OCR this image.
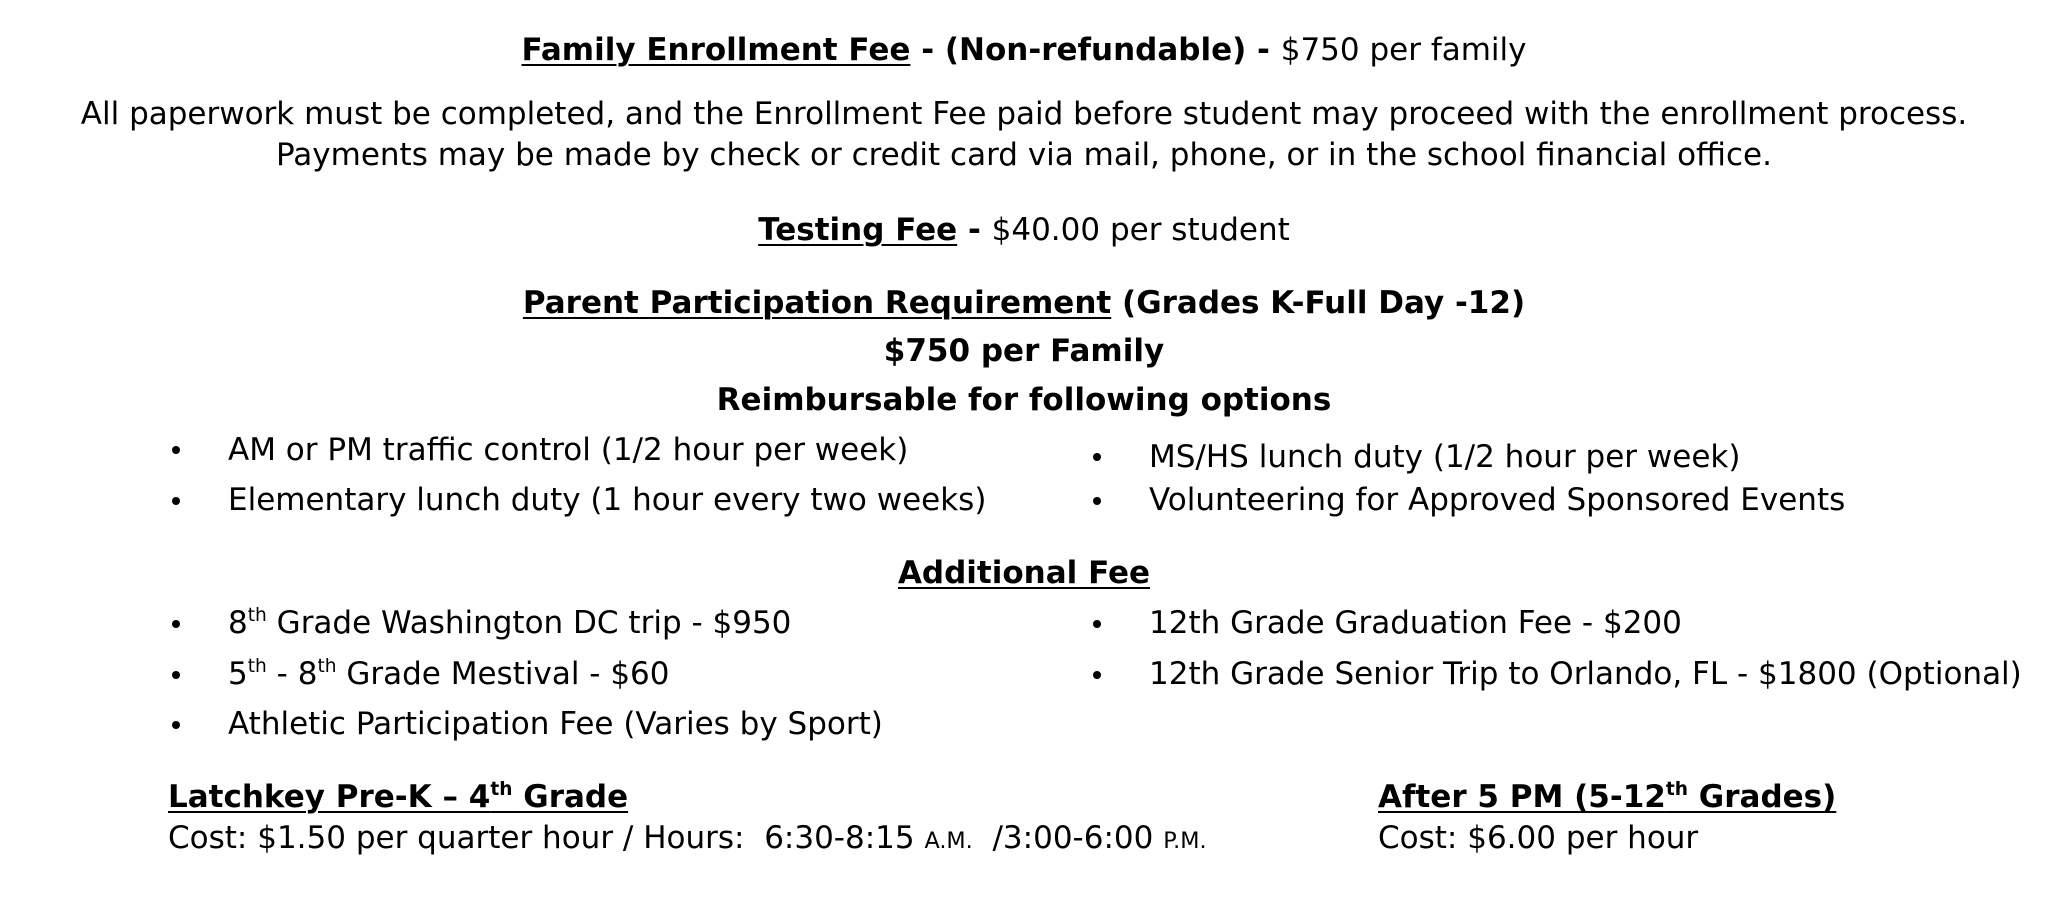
Family Enrollment Fee - (Non-refundable) - $750 per family
All paperwork must be completed, and the Enrollment Fee paid before student may proceed with the enrollment process.
Payments may be made by check or credit card via mail, phone, or in the school financial office.
Testing Fee - $40.00 per student
Parent Participation Requirement (Grades K-Full Day -12)
$750 per Family
Reimbursable for following options
AM or PM traffic control (1/2 hour per week)
Elementary lunch duty (1 hour every two weeks)
MS/HS lunch duty (1/2 hour per week)
Volunteering for Approved Sponsored Events
Additional Fee
8th Grade Washington DC trip - $950
5th - 8th Grade Mestival - $60
Athletic Participation Fee (Varies by Sport)
12th Grade Graduation Fee - $200
12th Grade Senior Trip to Orlando, FL - $1800 (Optional)
Latchkey Pre-K – 4th Grade
Cost: $1.50 per quarter hour / Hours:  6:30-8:15 A.M.  /3:00-6:00 P.M.
After 5 PM (5-12th Grades)
Cost: $6.00 per hour
